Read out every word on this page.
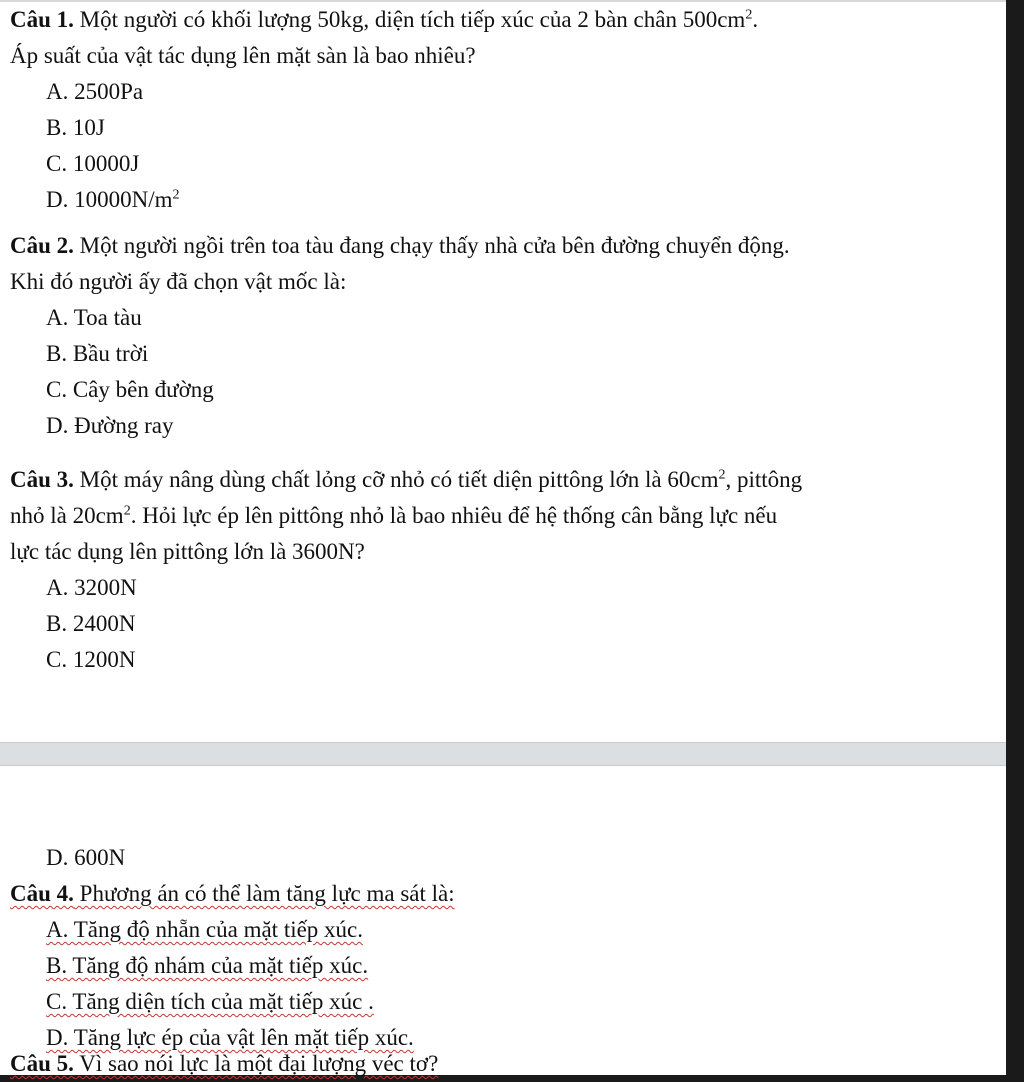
Câu 1. Một người có khối lượng 50kg, diện tích tiếp xúc của 2 bàn chân $500cm^2$.
Áp suất của vật tác dụng lên mặt sàn là bao nhiêu?
A. 2500Pa
B. 10J
C. 10000J
D. $10000N/m^2$
Câu 2. Một người ngồi trên toa tàu đang chạy thấy nhà cửa bên đường chuyển động.
Khi đó người ấy đã chọn vật mốc là:
A. Toa tàu
B. Bầu trời
C. Cây bên đường
D. Đường ray
Câu 3. Một máy nâng dùng chất lỏng cỡ nhỏ có tiết diện pittông lớn là $60cm^2$, pittông
nhỏ là $20cm^2$. Hỏi lực ép lên pittông nhỏ là bao nhiêu để hệ thống cân bằng lực nếu
lực tác dụng lên pittông lớn là 3600N?
A. 3200N
B. 2400N
C. 1200N
D. 600N
Câu 4. Phương án có thể làm tăng lực ma sát là:
A. Tăng độ nhẵn của mặt tiếp xúc.
B. Tăng độ nhám của mặt tiếp xúc.
C. Tăng diện tích của mặt tiếp xúc .
D. Tăng lực ép của vật lên mặt tiếp xúc.
Câu 5. Vì sao nói lực là một đại lượng véc tơ?
